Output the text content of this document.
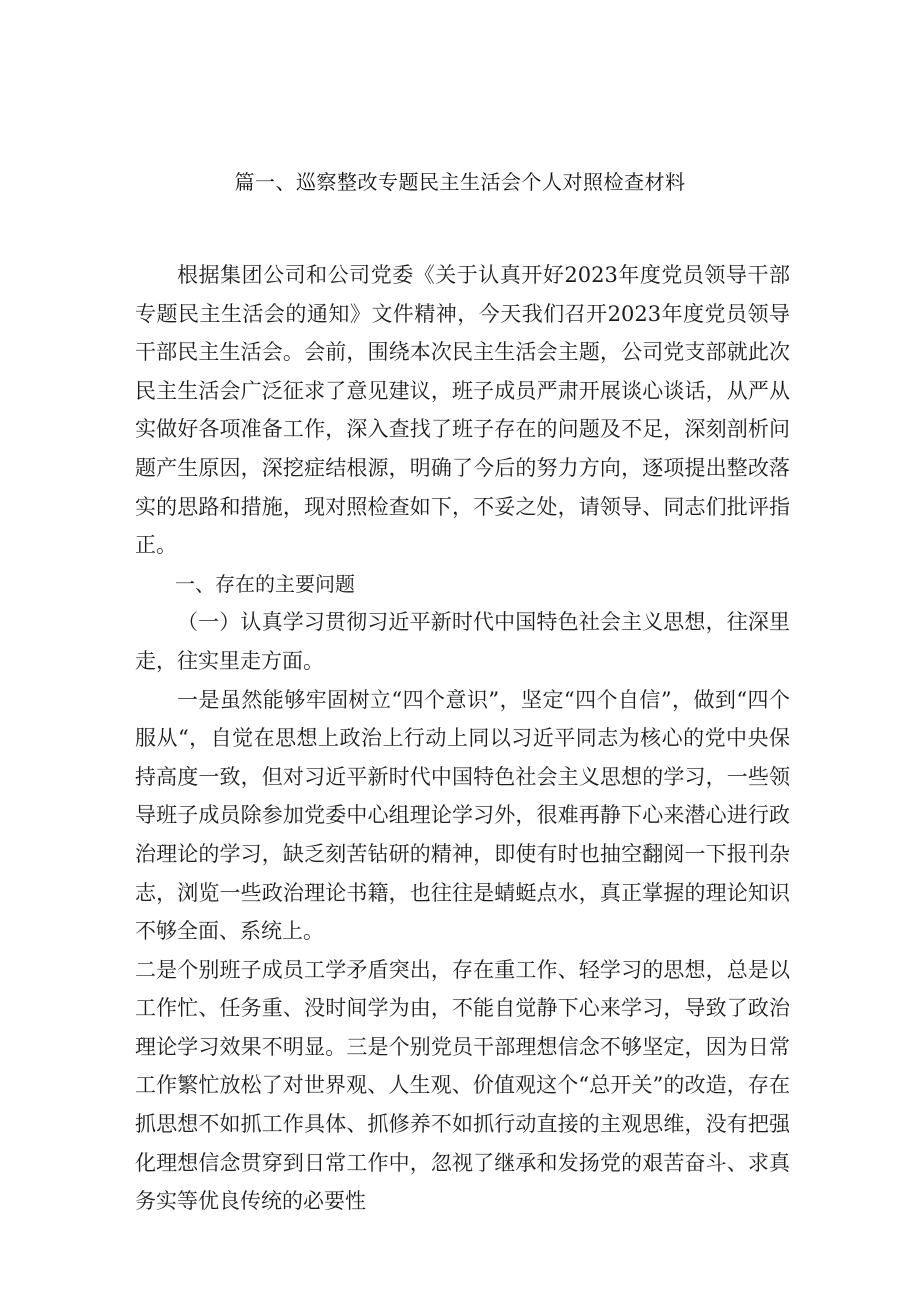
篇一、巡察整改专题民主生活会个人对照检查材料

根据集团公司和公司党委《关于认真开好2023年度党员领导干部专题民主生活会的通知》文件精神，今天我们召开2023年度党员领导干部民主生活会。会前，围绕本次民主生活会主题，公司党支部就此次民主生活会广泛征求了意见建议，班子成员严肃开展谈心谈话，从严从实做好各项准备工作，深入查找了班子存在的问题及不足，深刻剖析问题产生原因，深挖症结根源，明确了今后的努力方向，逐项提出整改落实的思路和措施，现对照检查如下，不妥之处，请领导、同志们批评指正。

一、存在的主要问题

（一）认真学习贯彻习近平新时代中国特色社会主义思想，往深里走，往实里走方面。

一是虽然能够牢固树立“四个意识”，坚定“四个自信”，做到“四个服从“，自觉在思想上政治上行动上同以习近平同志为核心的党中央保持高度一致，但对习近平新时代中国特色社会主义思想的学习，一些领导班子成员除参加党委中心组理论学习外，很难再静下心来潜心进行政治理论的学习，缺乏刻苦钻研的精神，即使有时也抽空翻阅一下报刊杂志，浏览一些政治理论书籍，也往往是蜻蜓点水，真正掌握的理论知识不够全面、系统上。

二是个别班子成员工学矛盾突出，存在重工作、轻学习的思想，总是以工作忙、任务重、没时间学为由，不能自觉静下心来学习，导致了政治理论学习效果不明显。三是个别党员干部理想信念不够坚定，因为日常工作繁忙放松了对世界观、人生观、价值观这个“总开关”的改造，存在抓思想不如抓工作具体、抓修养不如抓行动直接的主观思维，没有把强化理想信念贯穿到日常工作中，忽视了继承和发扬党的艰苦奋斗、求真务实等优良传统的必要性
